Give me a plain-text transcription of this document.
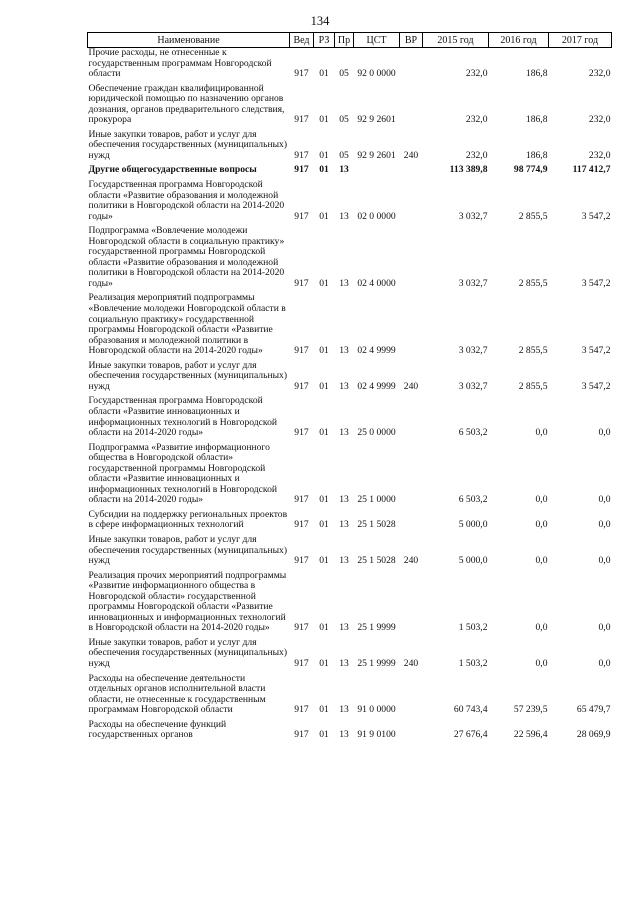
134
Наименование	Вед	РЗ	Пр	ЦСТ	ВР	2015 год	2016 год	2017 год
Прочие расходы, не отнесенные к государственным программам Новгородской области	917	01	05	92 0 0000		232,0	186,8	232,0
Обеспечение граждан квалифицированной юридической помощью по назначению органов дознания, органов предварительного следствия, прокурора	917	01	05	92 9 2601		232,0	186,8	232,0
Иные закупки товаров, работ и услуг для обеспечения государственных (муниципальных) нужд	917	01	05	92 9 2601	240	232,0	186,8	232,0
Другие общегосударственные вопросы	917	01	13			113 389,8	98 774,9	117 412,7
Государственная программа Новгородской области «Развитие образования и молодежной политики в Новгородской области на 2014-2020 годы»	917	01	13	02 0 0000		3 032,7	2 855,5	3 547,2
Подпрограмма «Вовлечение молодежи Новгородской области в социальную практику» государственной программы Новгородской области «Развитие образования и молодежной политики в Новгородской области на 2014-2020 годы»	917	01	13	02 4 0000		3 032,7	2 855,5	3 547,2
Реализация мероприятий подпрограммы «Вовлечение молодежи Новгородской области в социальную практику» государственной программы Новгородской области «Развитие образования и молодежной политики в Новгородской области на 2014-2020 годы»	917	01	13	02 4 9999		3 032,7	2 855,5	3 547,2
Иные закупки товаров, работ и услуг для обеспечения государственных (муниципальных) нужд	917	01	13	02 4 9999	240	3 032,7	2 855,5	3 547,2
Государственная программа Новгородской области «Развитие инновационных и информационных технологий в Новгородской области на 2014-2020 годы»	917	01	13	25 0 0000		6 503,2	0,0	0,0
Подпрограмма «Развитие информационного общества в Новгородской области» государственной программы Новгородской области «Развитие инновационных и информационных технологий в Новгородской области на 2014-2020 годы»	917	01	13	25 1 0000		6 503,2	0,0	0,0
Субсидии на поддержку региональных проектов в сфере информационных технологий	917	01	13	25 1 5028		5 000,0	0,0	0,0
Иные закупки товаров, работ и услуг для обеспечения государственных (муниципальных) нужд	917	01	13	25 1 5028	240	5 000,0	0,0	0,0
Реализация прочих мероприятий подпрограммы «Развитие информационного общества в Новгородской области» государственной программы Новгородской области «Развитие инновационных и информационных технологий в Новгородской области на 2014-2020 годы»	917	01	13	25 1 9999		1 503,2	0,0	0,0
Иные закупки товаров, работ и услуг для обеспечения государственных (муниципальных) нужд	917	01	13	25 1 9999	240	1 503,2	0,0	0,0
Расходы на обеспечение деятельности отдельных органов исполнительной власти области, не отнесенные к государственным программам Новгородской области	917	01	13	91 0 0000		60 743,4	57 239,5	65 479,7
Расходы на обеспечение функций государственных органов	917	01	13	91 9 0100		27 676,4	22 596,4	28 069,9
